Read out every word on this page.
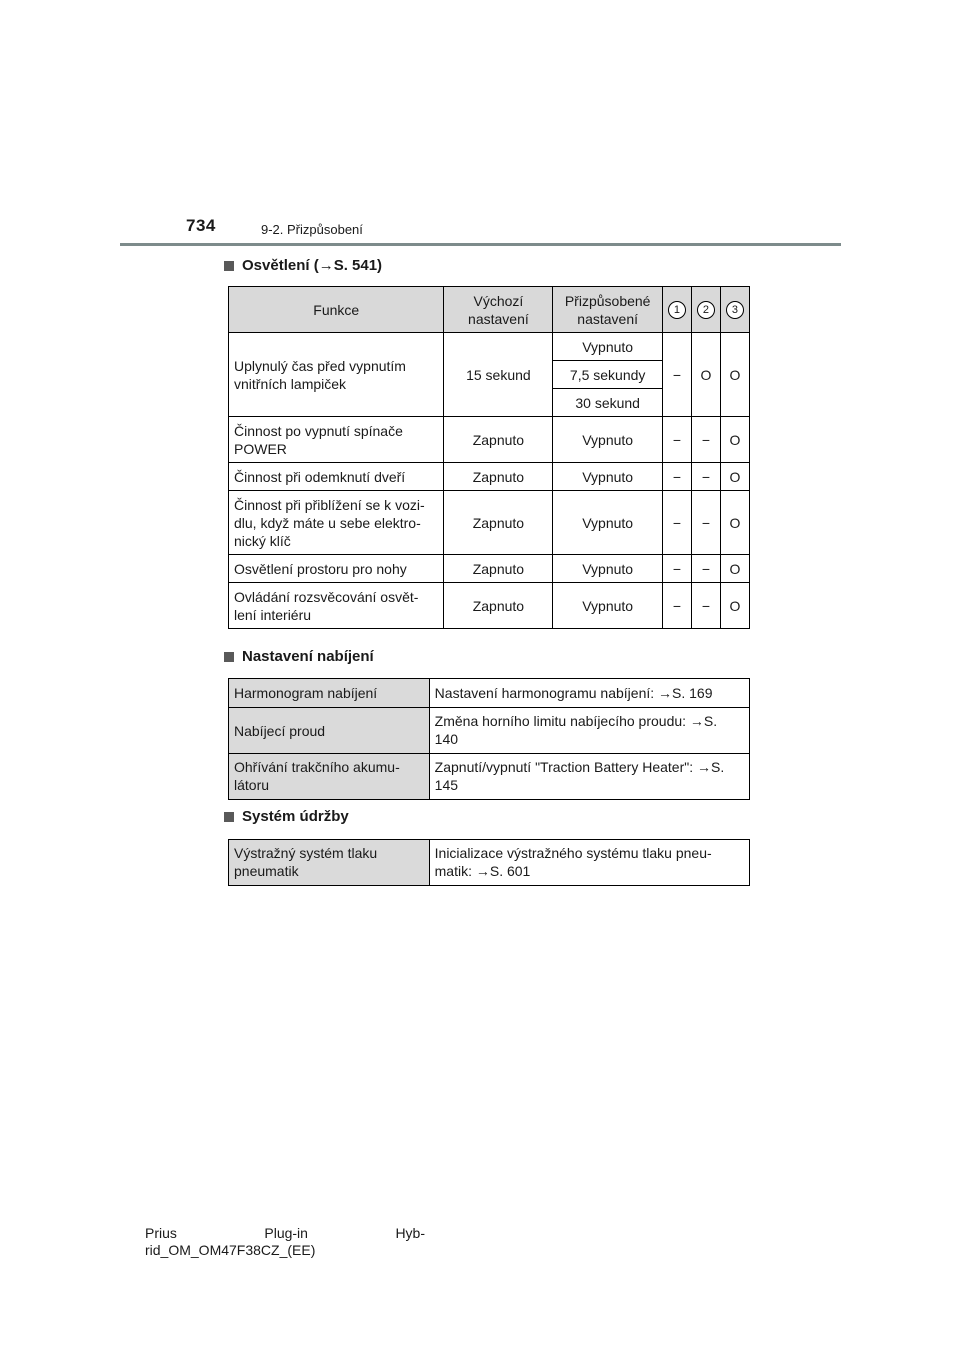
734	9-2. Přizpůsobení
Osvětlení (→S. 541)
Funkce	Výchozí nastavení	Přizpůsobené nastavení	1	2	3

Uplynulý čas před vypnutím vnitřních lampiček	15 sekund	Vypnuto	−	O	O
		7,5 sekundy			
		30 sekund			
Činnost po vypnutí spínače POWER	Zapnuto	Vypnuto	−	−	O
Činnost při odemknutí dveří	Zapnuto	Vypnuto	−	−	O
Činnost při přiblížení se k vozi-dlu, když máte u sebe elektro-nický klíč	Zapnuto	Vypnuto	−	−	O
Osvětlení prostoru pro nohy	Zapnuto	Vypnuto	−	−	O
Ovládání rozsvěcování osvět-lení interiéru	Zapnuto	Vypnuto	−	−	O
Nastavení nabíjení
Harmonogram nabíjení	Nastavení harmonogramu nabíjení: →S. 169
Nabíjecí proud	Změna horního limitu nabíjecího proudu: →S. 140
Ohřívání trakčního akumu-látoru	Zapnutí/vypnutí "Traction Battery Heater": →S. 145
Systém údržby
Výstražný systém tlaku pneumatik	Inicializace výstražného systému tlaku pneu-matik: →S. 601
Prius	Plug-in	Hyb-
rid_OM_OM47F38CZ_(EE)
